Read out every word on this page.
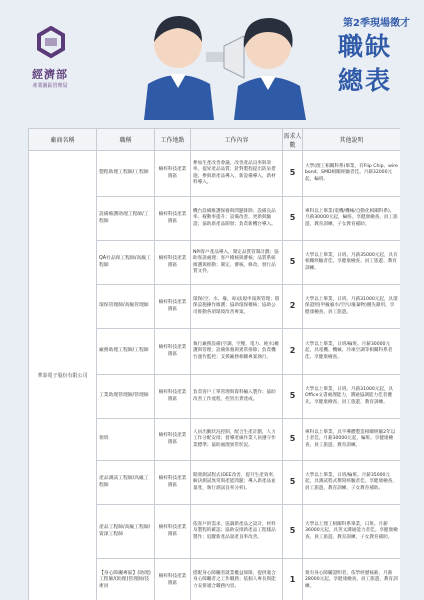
經濟部
產業園區管理局
第2季現場徵才
職缺
總表
廠商名稱	職稱	工作地點	工作內容	需求人數	其他說明
華泰電子股份有限公司	製程助理工程師/工程師	楠梓科技產業園區	參加生產改善會議，改善產品良率與效率，提昇產品品質；針對製程提出防呆措施；參與新產品導入，新設備導入，新材料導入。	5	大學(理工相關科系)畢業，有Flip Chip、wire bond、SMD相關經驗者佳。月薪32000元起，輪班。
	設備維護助理工程師/工程師	楠梓科技產業園區	機台設備維護保養與問題排除；設備良品率、稼動率提升；設備改善、更新與驗證；協助新產品開發；負責新機台導入。	5	專科以上畢業(電機/機械/自動化相關科系)。月薪30000元起，輪班。享健康檢查、員工旅遊、教育訓練、子女教育補助。
	QA社品保工程師/高級工程師	楠梓科技產業園區	NPI客戶產品導入，制定品質管制計劃；協助客訴處理；客戶稽核與審核；品質系統維護與推動；制定、審核、修改、發行品質文件。	5	大學以上畢業，日班。月薪35000元起，具有相關經驗者佳。享健康檢查、員工旅遊、教育訓練。
	環保管理師/高級管理師	楠梓科技產業園區	環保(空、水、廢、毒)法規申報與管理；環保設施操作維護；協助環保稽核；協助公司推動各項環境改善專案。	2	大學以上畢業，日班。月薪31000元起，具環保證照(甲級廢水/空污/廢棄物)優先錄用。享健康檢查、員工旅遊。
	廠務助理工程師/工程師	楠梓科技產業園區	執行廠務設備(空調、空壓、電力、純水)維護與管理；設備保養與異常排除；負責機台運作監控；支援廠務相關專案執行。	2	大學以上畢業，日班/輪班。月薪30000元起，具電機、機械、冷凍空調等相關科系者佳。享健康檢查。
	工業助理管理師/管理師	楠梓科技產業園區	負責客戶工單管理與資料輸入製作；協助改善工作流程，控管出貨達成。	5	大學以上畢業，日班。月薪31000元起，具Office文書處理能力，溝通協調能力佳者優先。享健康檢查、員工旅遊、教育訓練。
	領班	楠梓科技產業園區	人員出勤狀況控制，配合生產計劃，人力工作分配安排；督導產線作業人員遵守作業標準；協助處理異常狀況。	5	專科以上畢業，具半導體製造相關經驗2年以上者佳。月薪30000元起，輪班。享健康檢查、員工旅遊、教育訓練。
	產品測試工程師/高級工程師	楠梓科技產業園區	開發測試程式(DEE改善，提升生產效率，解決測試異常與產能問題；導入新產品並量產，執行測試良率分析)。	5	大學以上畢業，日班/輪班。月薪35000元起，具測試程式撰寫經驗者佳。享健康檢查、員工旅遊、教育訓練、子女教育補助。
	產品工程師/高級工程師/資深工程師	楠梓科技產業園區	依客戶的需求，協調新產品之設計、材料及製程的確認；協助安排新產品工程樣品製作；追蹤新產品量產良率改善。	5	大學以上理工相關科系畢業，日班。月薪36000元起，具英文溝通能力者佳。享健康檢查、員工旅遊、教育訓練、子女教育補助。
	【身心障礙專區】(助理)工程師/(助理)管理師/技術員	楠梓科技產業園區	搭配身心障礙者就業權益保障，提供適合身心障礙者之工作職務；依個人專長與能力安排適合職務內容。	1	領有身心障礙證明者，依學經歷核薪，月薪28000元起。享健康檢查、員工旅遊、教育訓練。
